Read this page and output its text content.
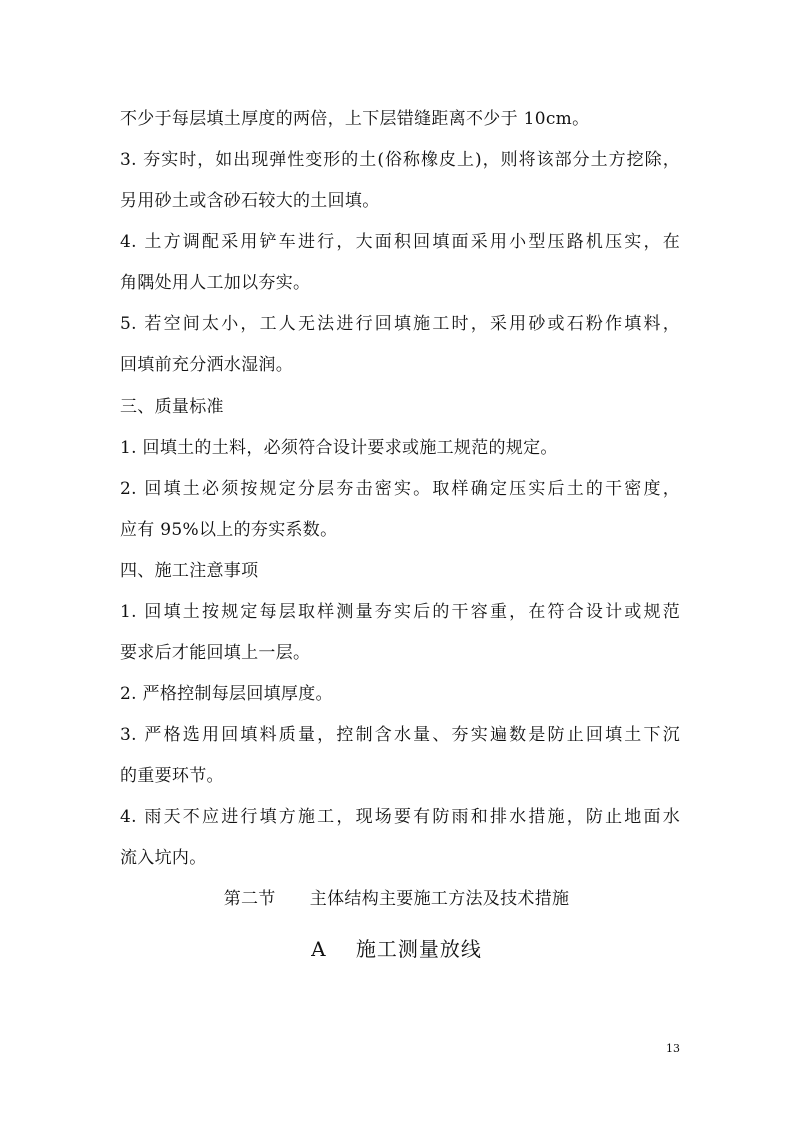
不少于每层填土厚度的两倍，上下层错缝距离不少于 10cm。
3. 夯实时，如出现弹性变形的土(俗称橡皮上)，则将该部分土方挖除，
另用砂土或含砂石较大的土回填。
4. 土方调配采用铲车进行，大面积回填面采用小型压路机压实，在
角隅处用人工加以夯实。
5. 若空间太小，工人无法进行回填施工时，采用砂或石粉作填料，
回填前充分洒水湿润。
三、质量标准
1. 回填土的土料，必须符合设计要求或施工规范的规定。
2. 回填土必须按规定分层夯击密实。取样确定压实后土的干密度，
应有 95%以上的夯实系数。
四、施工注意事项
1. 回填土按规定每层取样测量夯实后的干容重，在符合设计或规范
要求后才能回填上一层。
2. 严格控制每层回填厚度。
3. 严格选用回填料质量，控制含水量、夯实遍数是防止回填土下沉
的重要环节。
4. 雨天不应进行填方施工，现场要有防雨和排水措施，防止地面水
流入坑内。
第二节      主体结构主要施工方法及技术措施
A    施工测量放线
13
